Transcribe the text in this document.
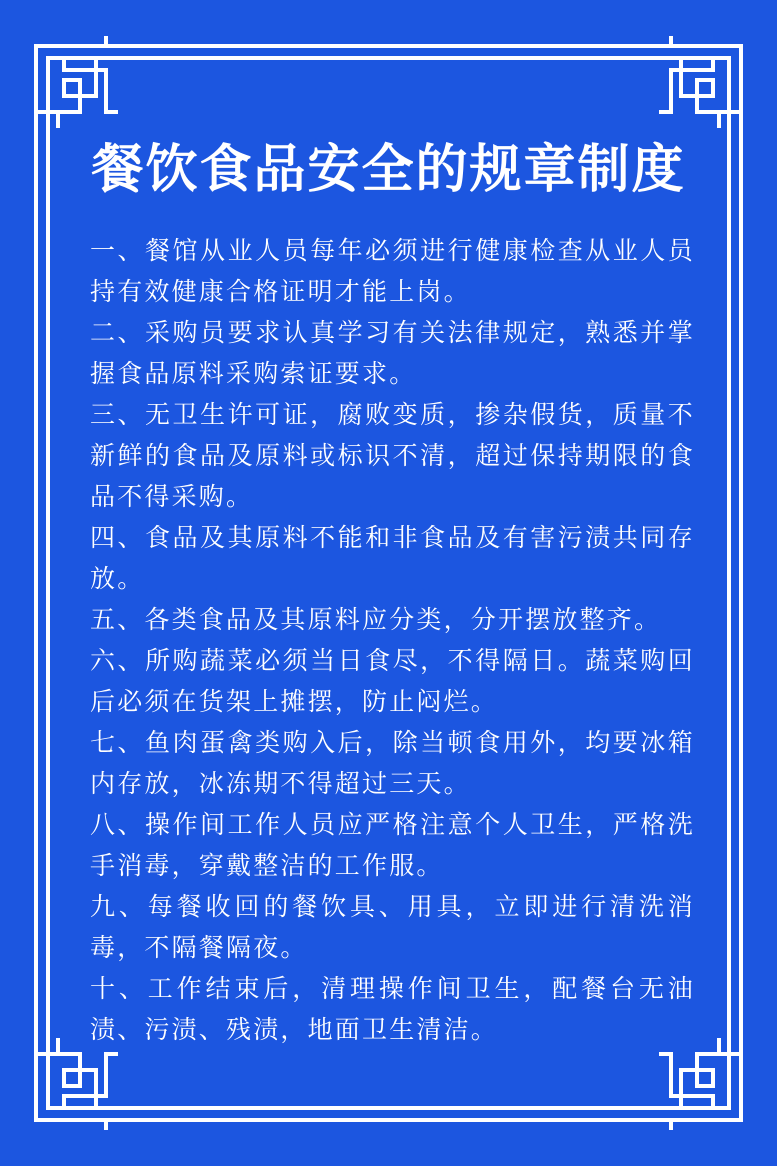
餐饮食品安全的规章制度
一、餐馆从业人员每年必须进行健康检查从业人员持有效健康合格证明才能上岗。
二、采购员要求认真学习有关法律规定，熟悉并掌握食品原料采购索证要求。
三、无卫生许可证，腐败变质，掺杂假货，质量不新鲜的食品及原料或标识不清，超过保持期限的食品不得采购。
四、食品及其原料不能和非食品及有害污渍共同存放。
五、各类食品及其原料应分类，分开摆放整齐。
六、所购蔬菜必须当日食尽，不得隔日。蔬菜购回后必须在货架上摊摆，防止闷烂。
七、鱼肉蛋禽类购入后，除当顿食用外，均要冰箱内存放，冰冻期不得超过三天。
八、操作间工作人员应严格注意个人卫生，严格洗手消毒，穿戴整洁的工作服。
九、每餐收回的餐饮具、用具，立即进行清洗消毒，不隔餐隔夜。
十、工作结束后，清理操作间卫生，配餐台无油渍、污渍、残渍，地面卫生清洁。
